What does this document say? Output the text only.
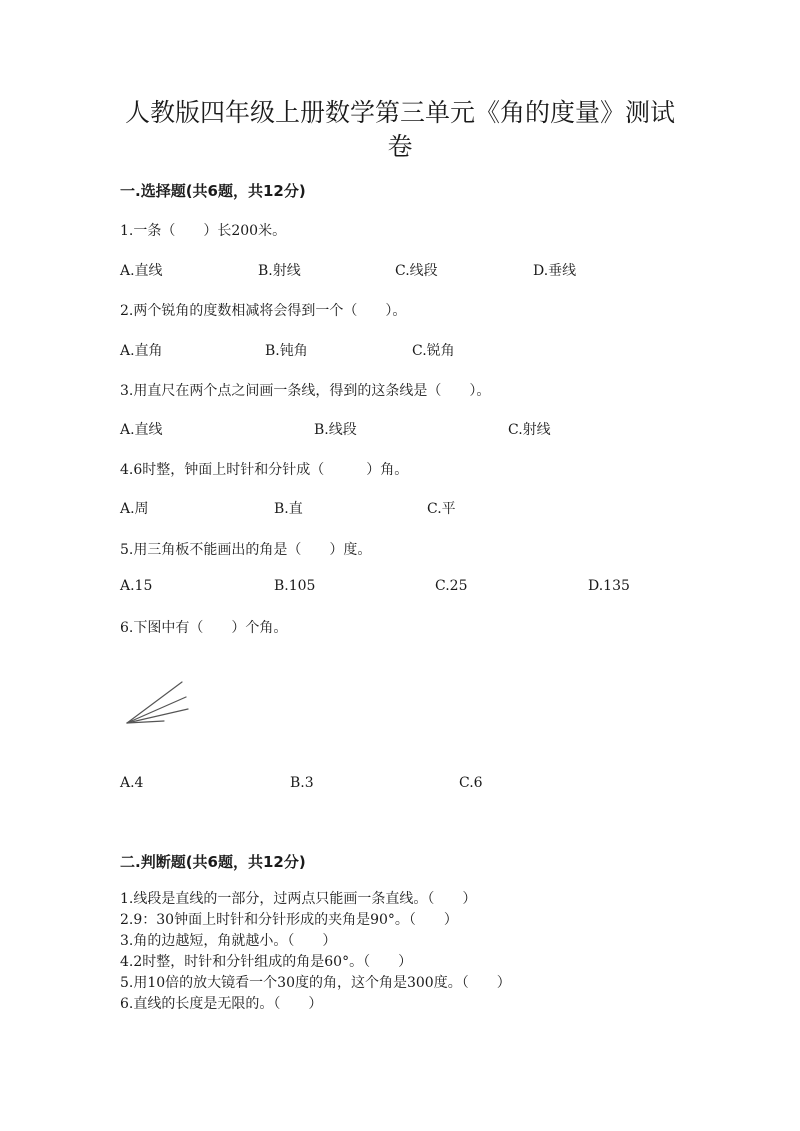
人教版四年级上册数学第三单元《角的度量》测试
卷
一.选择题(共6题，共12分)
1.一条（　　）长200米。
A.直线	B.射线	C.线段	D.垂线
2.两个锐角的度数相减将会得到一个（　　）。
A.直角	B.钝角	C.锐角
3.用直尺在两个点之间画一条线，得到的这条线是（　　）。
A.直线	B.线段	C.射线
4.6时整，钟面上时针和分针成（　　　）角。
A.周	B.直	C.平
5.用三角板不能画出的角是（　　）度。
A.15	B.105	C.25	D.135
6.下图中有（　　）个角。
A.4	B.3	C.6
二.判断题(共6题，共12分)
1.线段是直线的一部分，过两点只能画一条直线。（　　）
2.9：30钟面上时针和分针形成的夹角是90°。（　　）
3.角的边越短，角就越小。（　　）
4.2时整，时针和分针组成的角是60°。（　　）
5.用10倍的放大镜看一个30度的角，这个角是300度。（　　）
6.直线的长度是无限的。（　　）
